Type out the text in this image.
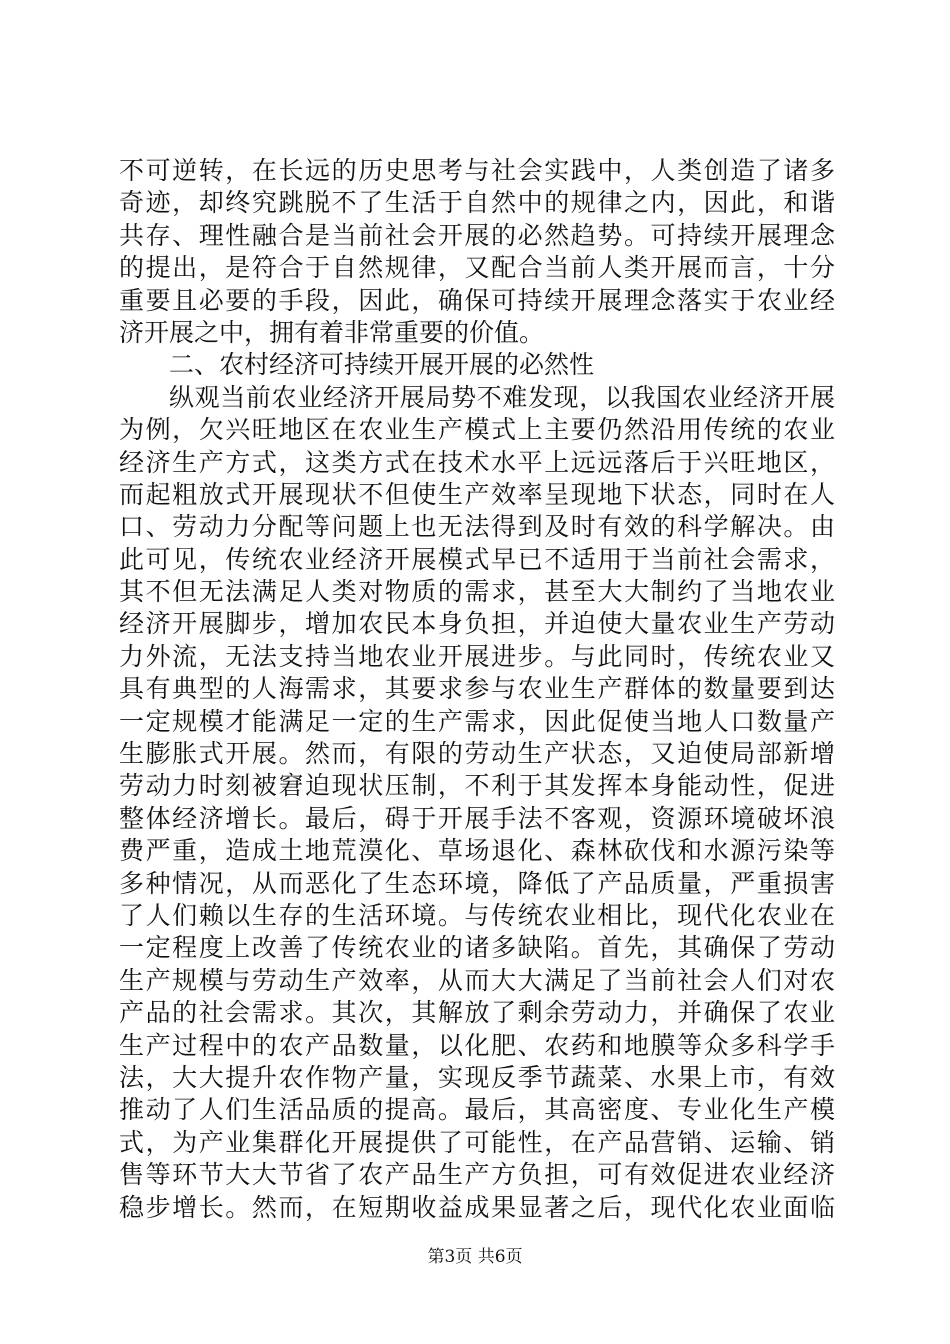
不可逆转，在长远的历史思考与社会实践中，人类创造了诸多
奇迹，却终究跳脱不了生活于自然中的规律之内，因此，和谐
共存、理性融合是当前社会开展的必然趋势。可持续开展理念
的提出，是符合于自然规律，又配合当前人类开展而言，十分
重要且必要的手段，因此，确保可持续开展理念落实于农业经
济开展之中，拥有着非常重要的价值。
二、农村经济可持续开展开展的必然性
纵观当前农业经济开展局势不难发现，以我国农业经济开展
为例，欠兴旺地区在农业生产模式上主要仍然沿用传统的农业
经济生产方式，这类方式在技术水平上远远落后于兴旺地区，
而起粗放式开展现状不但使生产效率呈现地下状态，同时在人
口、劳动力分配等问题上也无法得到及时有效的科学解决。由
此可见，传统农业经济开展模式早已不适用于当前社会需求，
其不但无法满足人类对物质的需求，甚至大大制约了当地农业
经济开展脚步，增加农民本身负担，并迫使大量农业生产劳动
力外流，无法支持当地农业开展进步。与此同时，传统农业又
具有典型的人海需求，其要求参与农业生产群体的数量要到达
一定规模才能满足一定的生产需求，因此促使当地人口数量产
生膨胀式开展。然而，有限的劳动生产状态，又迫使局部新增
劳动力时刻被窘迫现状压制，不利于其发挥本身能动性，促进
整体经济增长。最后，碍于开展手法不客观，资源环境破坏浪
费严重，造成土地荒漠化、草场退化、森林砍伐和水源污染等
多种情况，从而恶化了生态环境，降低了产品质量，严重损害
了人们赖以生存的生活环境。与传统农业相比，现代化农业在
一定程度上改善了传统农业的诸多缺陷。首先，其确保了劳动
生产规模与劳动生产效率，从而大大满足了当前社会人们对农
产品的社会需求。其次，其解放了剩余劳动力，并确保了农业
生产过程中的农产品数量，以化肥、农药和地膜等众多科学手
法，大大提升农作物产量，实现反季节蔬菜、水果上市，有效
推动了人们生活品质的提高。最后，其高密度、专业化生产模
式，为产业集群化开展提供了可能性，在产品营销、运输、销
售等环节大大节省了农产品生产方负担，可有效促进农业经济
稳步增长。然而，在短期收益成果显著之后，现代化农业面临
第3页 共6页
